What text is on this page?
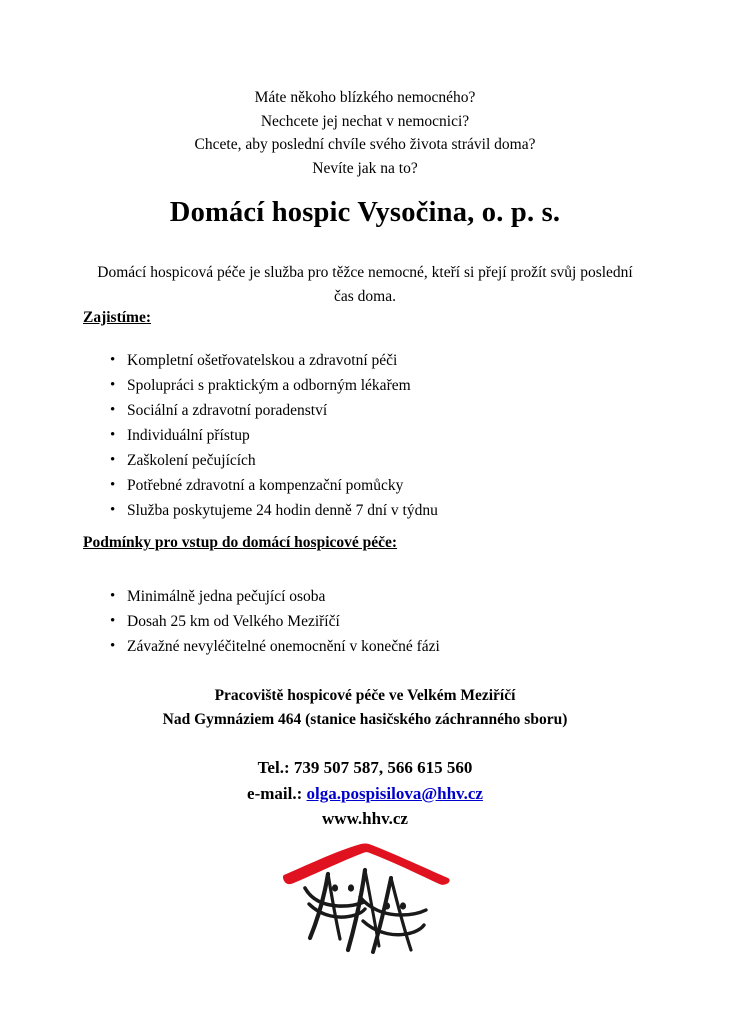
Máte někoho blízkého nemocného?
Nechcete jej nechat v nemocnici?
Chcete, aby poslední chvíle svého života strávil doma?
Nevíte jak na to?
Domácí hospic Vysočina, o. p. s.
Domácí hospicová péče je služba pro těžce nemocné, kteří si přejí prožít svůj poslední čas doma.
Zajistíme:
• Kompletní ošetřovatelskou a zdravotní péči
• Spolupráci s praktickým a odborným lékařem
• Sociální a zdravotní poradenství
• Individuální přístup
• Zaškolení pečujících
• Potřebné zdravotní a kompenzační pomůcky
• Služba poskytujeme 24 hodin denně 7 dní v týdnu
Podmínky pro vstup do domácí hospicové péče:
• Minimálně jedna pečující osoba
• Dosah 25 km od Velkého Meziříčí
• Závažné nevyléčitelné onemocnění v konečné fázi
Pracoviště hospicové péče ve Velkém Meziříčí
Nad Gymnáziem 464 (stanice hasičského záchranného sboru)
Tel.: 739 507 587, 566 615 560
e-mail.: olga.pospisilova@hhv.cz
www.hhv.cz
